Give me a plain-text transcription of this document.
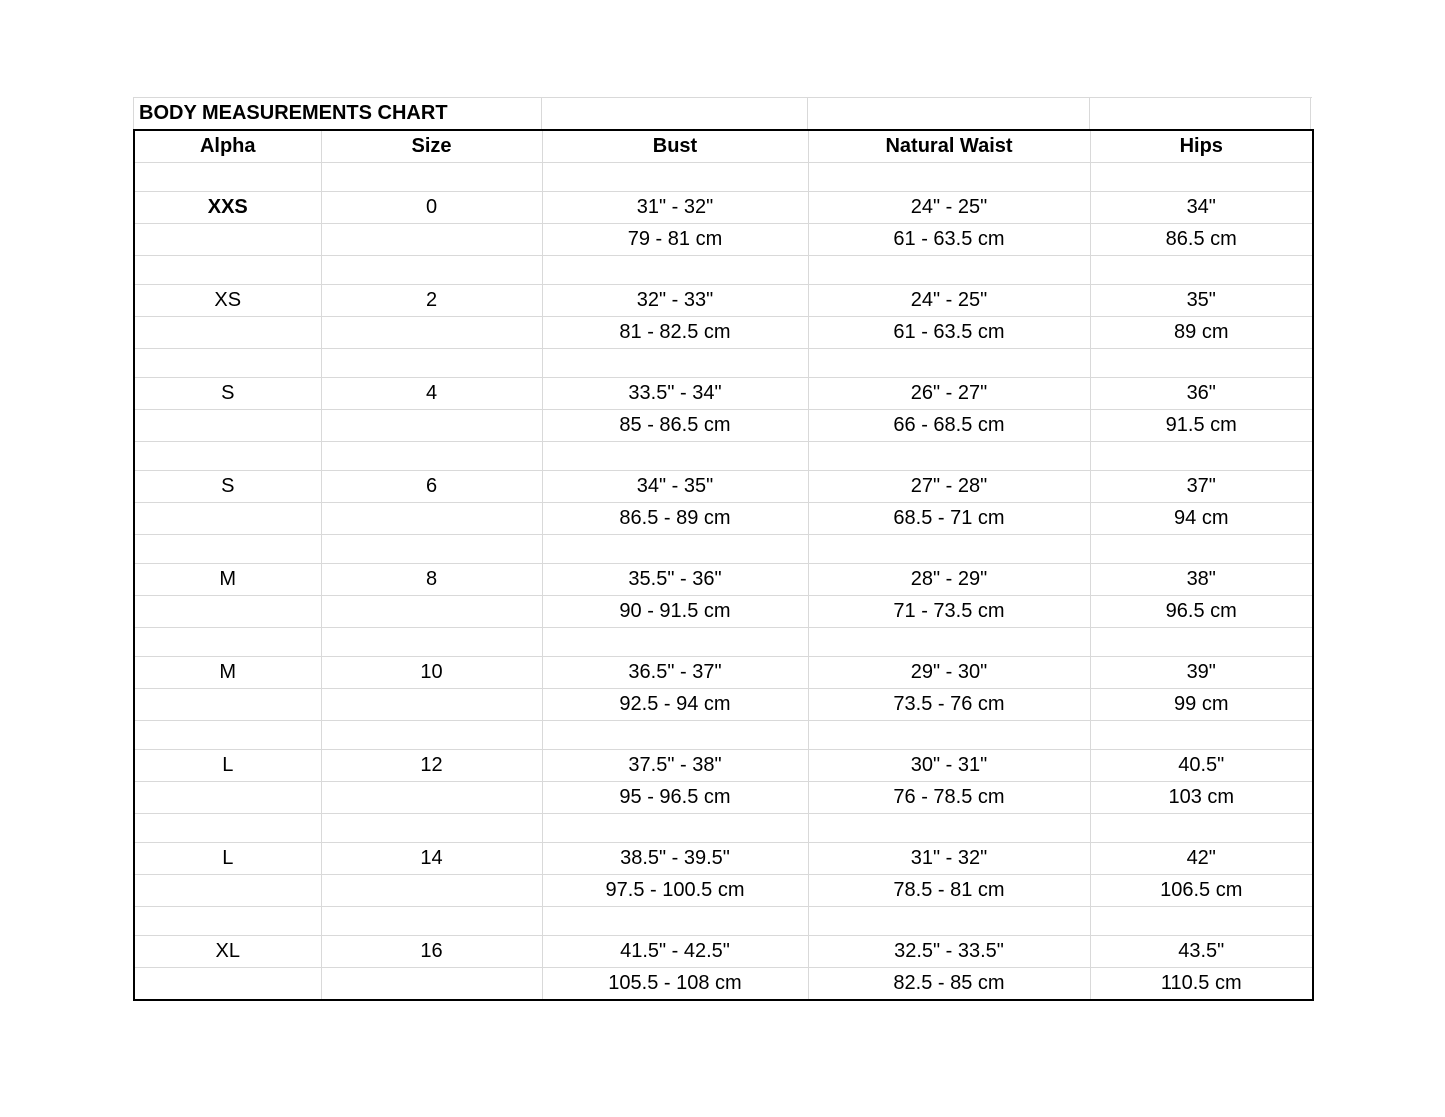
BODY MEASUREMENTS CHART
Alpha	Size	Bust	Natural Waist	Hips

XXS	0	31" - 32"	24" - 25"	34"
		79 - 81 cm	61 - 63.5 cm	86.5 cm

XS	2	32" - 33"	24" - 25"	35"
		81 - 82.5 cm	61 - 63.5 cm	89 cm

S	4	33.5" - 34"	26" - 27"	36"
		85 - 86.5 cm	66 - 68.5 cm	91.5 cm

S	6	34" - 35"	27" - 28"	37"
		86.5 - 89 cm	68.5 - 71 cm	94 cm

M	8	35.5" - 36"	28" - 29"	38"
		90 - 91.5 cm	71 - 73.5 cm	96.5 cm

M	10	36.5" - 37"	29" - 30"	39"
		92.5 - 94 cm	73.5 - 76 cm	99 cm

L	12	37.5" - 38"	30" - 31"	40.5"
		95 - 96.5 cm	76 - 78.5 cm	103 cm

L	14	38.5" - 39.5"	31" - 32"	42"
		97.5 - 100.5 cm	78.5 - 81 cm	106.5 cm

XL	16	41.5" - 42.5"	32.5" - 33.5"	43.5"
		105.5 - 108 cm	82.5 - 85 cm	110.5 cm
